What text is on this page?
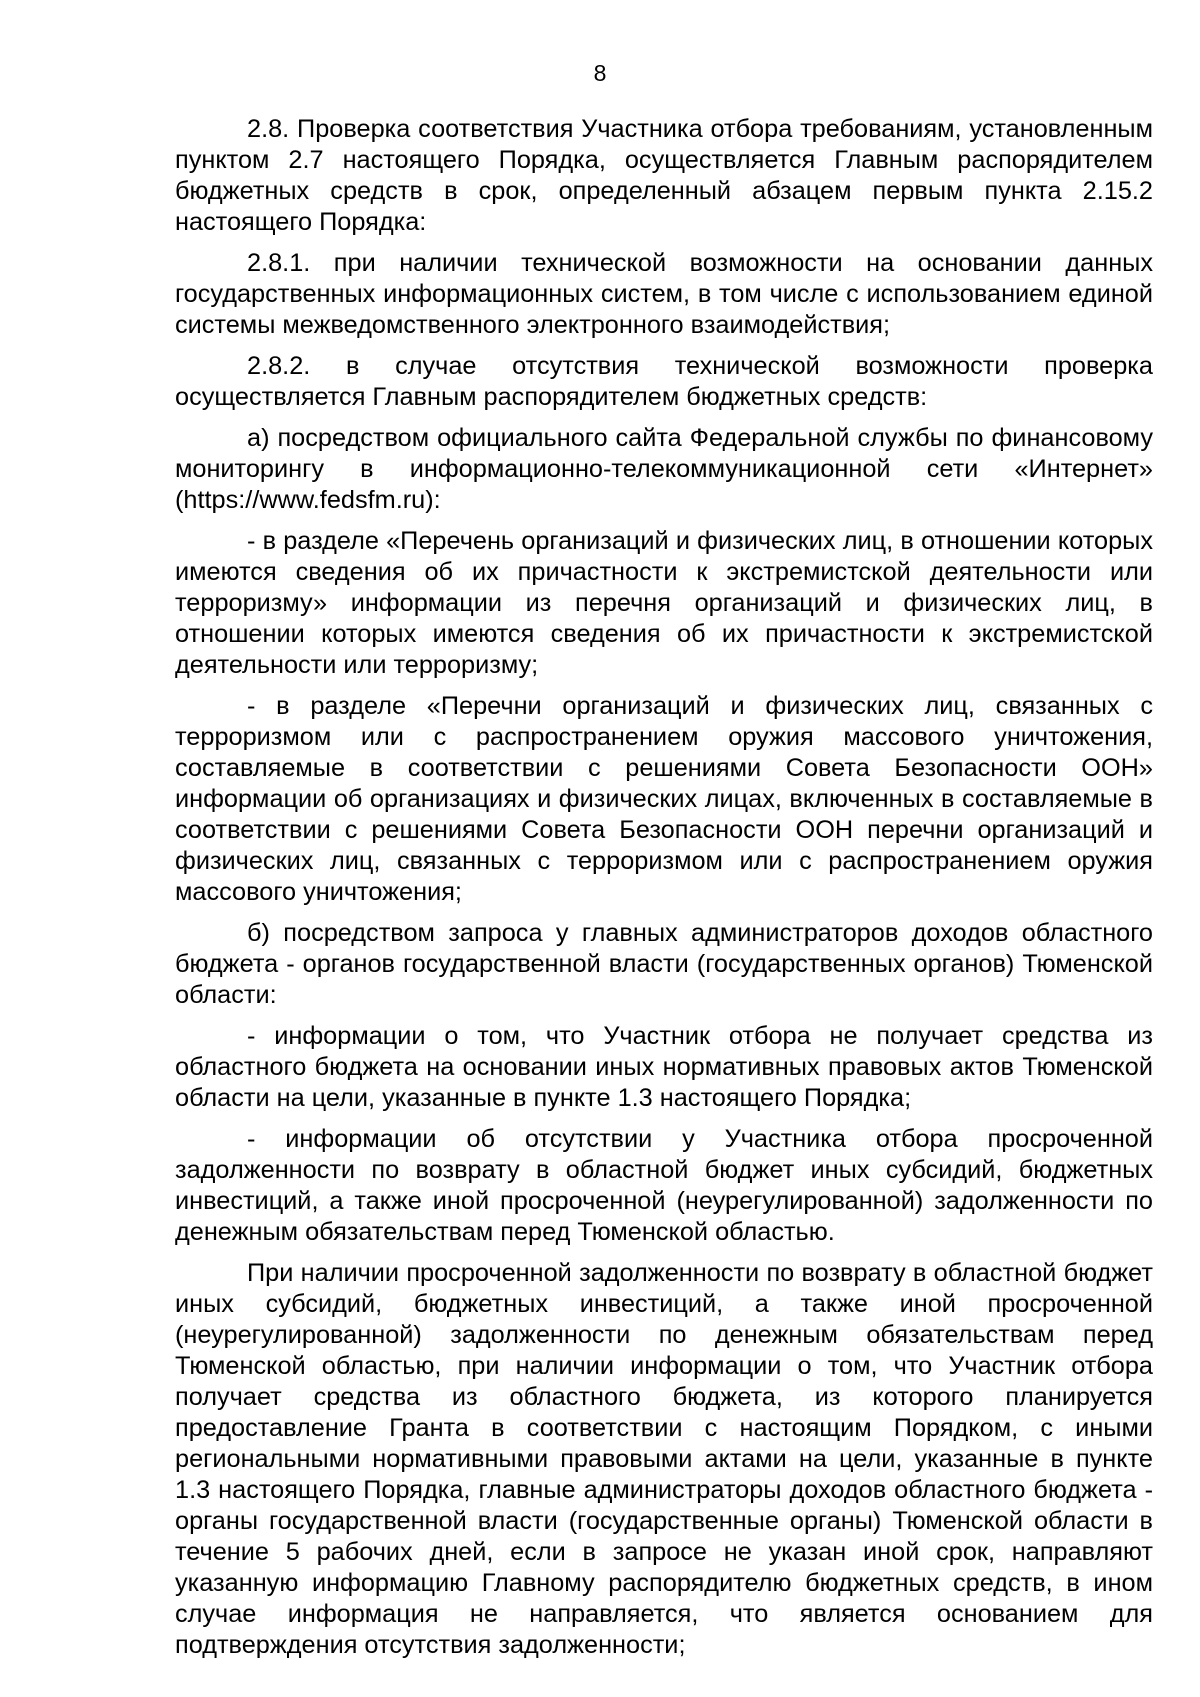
8

2.8. Проверка соответствия Участника отбора требованиям, установленным пунктом 2.7 настоящего Порядка, осуществляется Главным распорядителем бюджетных средств в срок, определенный абзацем первым пункта 2.15.2 настоящего Порядка:

2.8.1. при наличии технической возможности на основании данных государственных информационных систем, в том числе с использованием единой системы межведомственного электронного взаимодействия;

2.8.2. в случае отсутствия технической возможности проверка осуществляется Главным распорядителем бюджетных средств:

а) посредством официального сайта Федеральной службы по финансовому мониторингу в информационно-телекоммуникационной сети «Интернет» (https://www.fedsfm.ru):

- в разделе «Перечень организаций и физических лиц, в отношении которых имеются сведения об их причастности к экстремистской деятельности или терроризму» информации из перечня организаций и физических лиц, в отношении которых имеются сведения об их причастности к экстремистской деятельности или терроризму;

- в разделе «Перечни организаций и физических лиц, связанных с терроризмом или с распространением оружия массового уничтожения, составляемые в соответствии с решениями Совета Безопасности ООН» информации об организациях и физических лицах, включенных в составляемые в соответствии с решениями Совета Безопасности ООН перечни организаций и физических лиц, связанных с терроризмом или с распространением оружия массового уничтожения;

б) посредством запроса у главных администраторов доходов областного бюджета - органов государственной власти (государственных органов) Тюменской области:

- информации о том, что Участник отбора не получает средства из областного бюджета на основании иных нормативных правовых актов Тюменской области на цели, указанные в пункте 1.3 настоящего Порядка;

- информации об отсутствии у Участника отбора просроченной задолженности по возврату в областной бюджет иных субсидий, бюджетных инвестиций, а также иной просроченной (неурегулированной) задолженности по денежным обязательствам перед Тюменской областью.

При наличии просроченной задолженности по возврату в областной бюджет иных субсидий, бюджетных инвестиций, а также иной просроченной (неурегулированной) задолженности по денежным обязательствам перед Тюменской областью, при наличии информации о том, что Участник отбора получает средства из областного бюджета, из которого планируется предоставление Гранта в соответствии с настоящим Порядком, с иными региональными нормативными правовыми актами на цели, указанные в пункте 1.3 настоящего Порядка, главные администраторы доходов областного бюджета - органы государственной власти (государственные органы) Тюменской области в течение 5 рабочих дней, если в запросе не указан иной срок, направляют указанную информацию Главному распорядителю бюджетных средств, в ином случае информация не направляется, что является основанием для подтверждения отсутствия задолженности;
